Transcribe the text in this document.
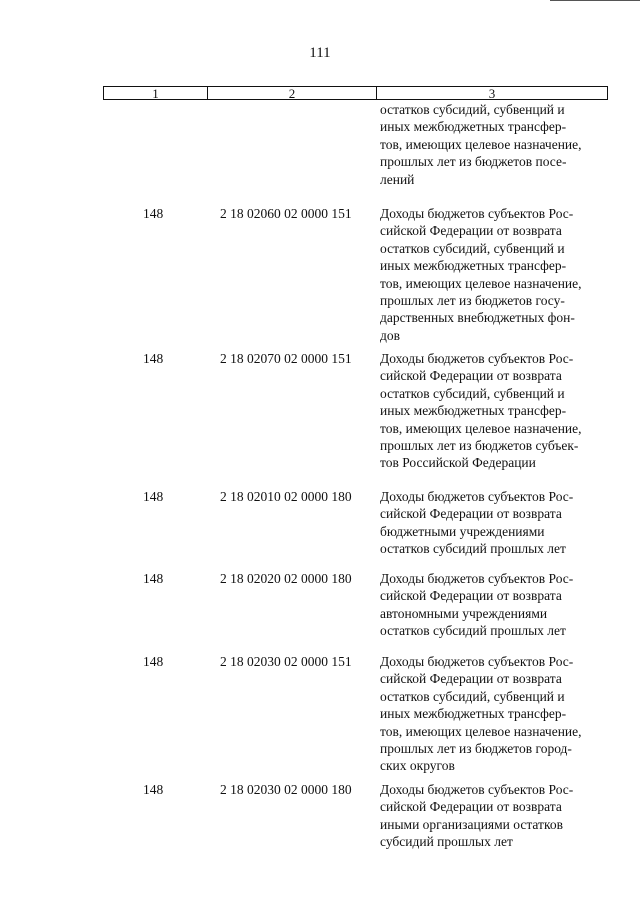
111
1	2	3
остатков субсидий, субвенций и
иных межбюджетных трансфер-
тов, имеющих целевое назначение,
прошлых лет из бюджетов посе-
лений
148	2 18 02060 02 0000 151 Доходы бюджетов субъектов Рос-
сийской Федерации от возврата
остатков субсидий, субвенций и
иных межбюджетных трансфер-
тов, имеющих целевое назначение,
прошлых лет из бюджетов госу-
дарственных внебюджетных фон-
дов
148	2 18 02070 02 0000 151 Доходы бюджетов субъектов Рос-
сийской Федерации от возврата
остатков субсидий, субвенций и
иных межбюджетных трансфер-
тов, имеющих целевое назначение,
прошлых лет из бюджетов субъек-
тов Российской Федерации
148	2 18 02010 02 0000 180 Доходы бюджетов субъектов Рос-
сийской Федерации от возврата
бюджетными учреждениями
остатков субсидий прошлых лет
148	2 18 02020 02 0000 180 Доходы бюджетов субъектов Рос-
сийской Федерации от возврата
автономными учреждениями
остатков субсидий прошлых лет
148	2 18 02030 02 0000 151 Доходы бюджетов субъектов Рос-
сийской Федерации от возврата
остатков субсидий, субвенций и
иных межбюджетных трансфер-
тов, имеющих целевое назначение,
прошлых лет из бюджетов город-
ских округов
148	2 18 02030 02 0000 180 Доходы бюджетов субъектов Рос-
сийской Федерации от возврата
иными организациями остатков
субсидий прошлых лет
